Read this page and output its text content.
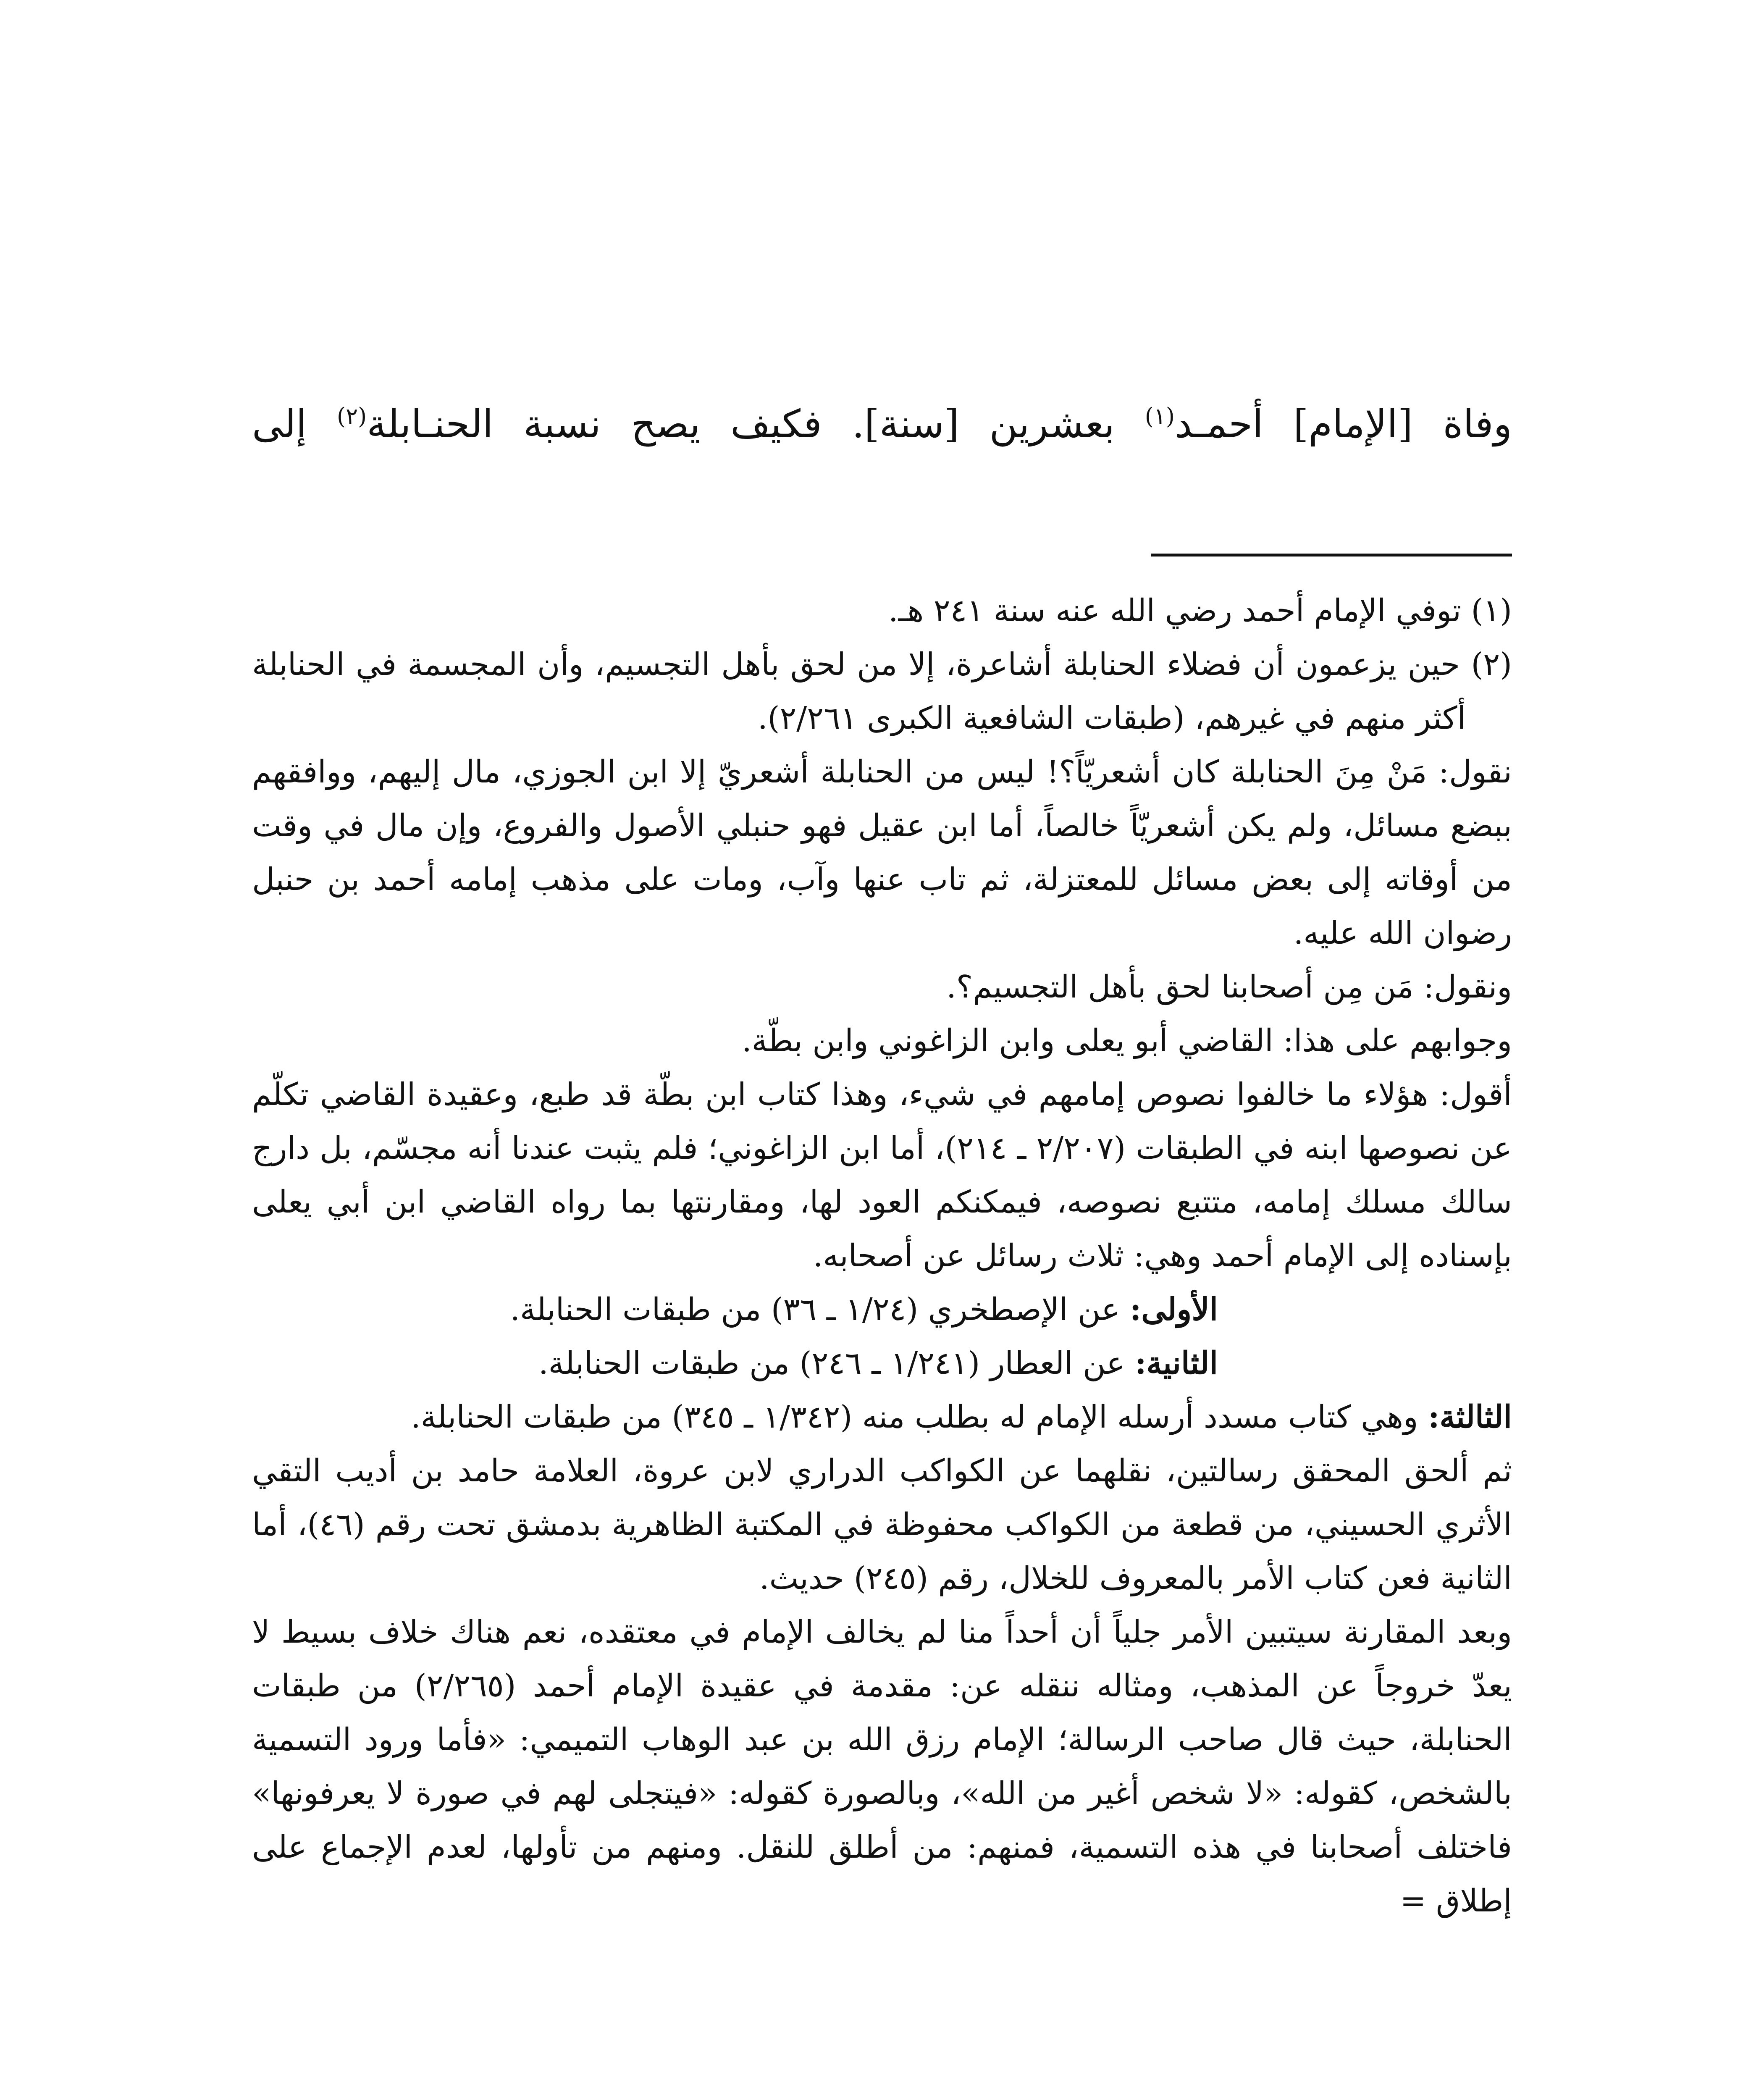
وفاة [الإمام] أحمـد$^{(١)}$ بعشرين [سنة]. فكيف يصح نسبة الحنـابلة$^{(٢)}$ إلى

(١) توفي الإمام أحمد رضي الله عنه سنة ٢٤١ هـ.

(٢) حين يزعمون أن فضلاء الحنابلة أشاعرة، إلا من لحق بأهل التجسيم، وأن المجسمة في الحنابلة أكثر منهم في غيرهم، (طبقات الشافعية الكبرى ٢/٢٦١).

نقول: مَنْ مِنَ الحنابلة كان أشعريّاً؟! ليس من الحنابلة أشعريّ إلا ابن الجوزي، مال إليهم، ووافقهم ببضع مسائل، ولم يكن أشعريّاً خالصاً، أما ابن عقيل فهو حنبلي الأصول والفروع، وإن مال في وقت من أوقاته إلى بعض مسائل للمعتزلة، ثم تاب عنها وآب، ومات على مذهب إمامه أحمد بن حنبل رضوان الله عليه.

ونقول: مَن مِن أصحابنا لحق بأهل التجسيم؟.

وجوابهم على هذا: القاضي أبو يعلى وابن الزاغوني وابن بطّة.

أقول: هؤلاء ما خالفوا نصوص إمامهم في شيء، وهذا كتاب ابن بطّة قد طبع، وعقيدة القاضي تكلّم عن نصوصها ابنه في الطبقات (٢/٢٠٧ ـ ٢١٤)، أما ابن الزاغوني؛ فلم يثبت عندنا أنه مجسّم، بل دارج سالك مسلك إمامه، متتبع نصوصه، فيمكنكم العود لها، ومقارنتها بما رواه القاضي ابن أبي يعلى بإسناده إلى الإمام أحمد وهي: ثلاث رسائل عن أصحابه.

الأولى: عن الإصطخري (١/٢٤ ـ ٣٦) من طبقات الحنابلة.

الثانية: عن العطار (١/٢٤١ ـ ٢٤٦) من طبقات الحنابلة.

الثالثة: وهي كتاب مسدد أرسله الإمام له بطلب منه (١/٣٤٢ ـ ٣٤٥) من طبقات الحنابلة.

ثم ألحق المحقق رسالتين، نقلهما عن الكواكب الدراري لابن عروة، العلامة حامد بن أديب التقي الأثري الحسيني، من قطعة من الكواكب محفوظة في المكتبة الظاهرية بدمشق تحت رقم (٤٦)، أما الثانية فعن كتاب الأمر بالمعروف للخلال، رقم (٢٤٥) حديث.

وبعد المقارنة سيتبين الأمر جلياً أن أحداً منا لم يخالف الإمام في معتقده، نعم هناك خلاف بسيط لا يعدّ خروجاً عن المذهب، ومثاله ننقله عن: مقدمة في عقيدة الإمام أحمد (٢/٢٦٥) من طبقات الحنابلة، حيث قال صاحب الرسالة؛ الإمام رزق الله بن عبد الوهاب التميمي: «فأما ورود التسمية بالشخص، كقوله: «لا شخص أغير من الله»، وبالصورة كقوله: «فيتجلى لهم في صورة لا يعرفونها» فاختلف أصحابنا في هذه التسمية، فمنهم: من أطلق للنقل. ومنهم من تأولها، لعدم الإجماع على إطلاق =
